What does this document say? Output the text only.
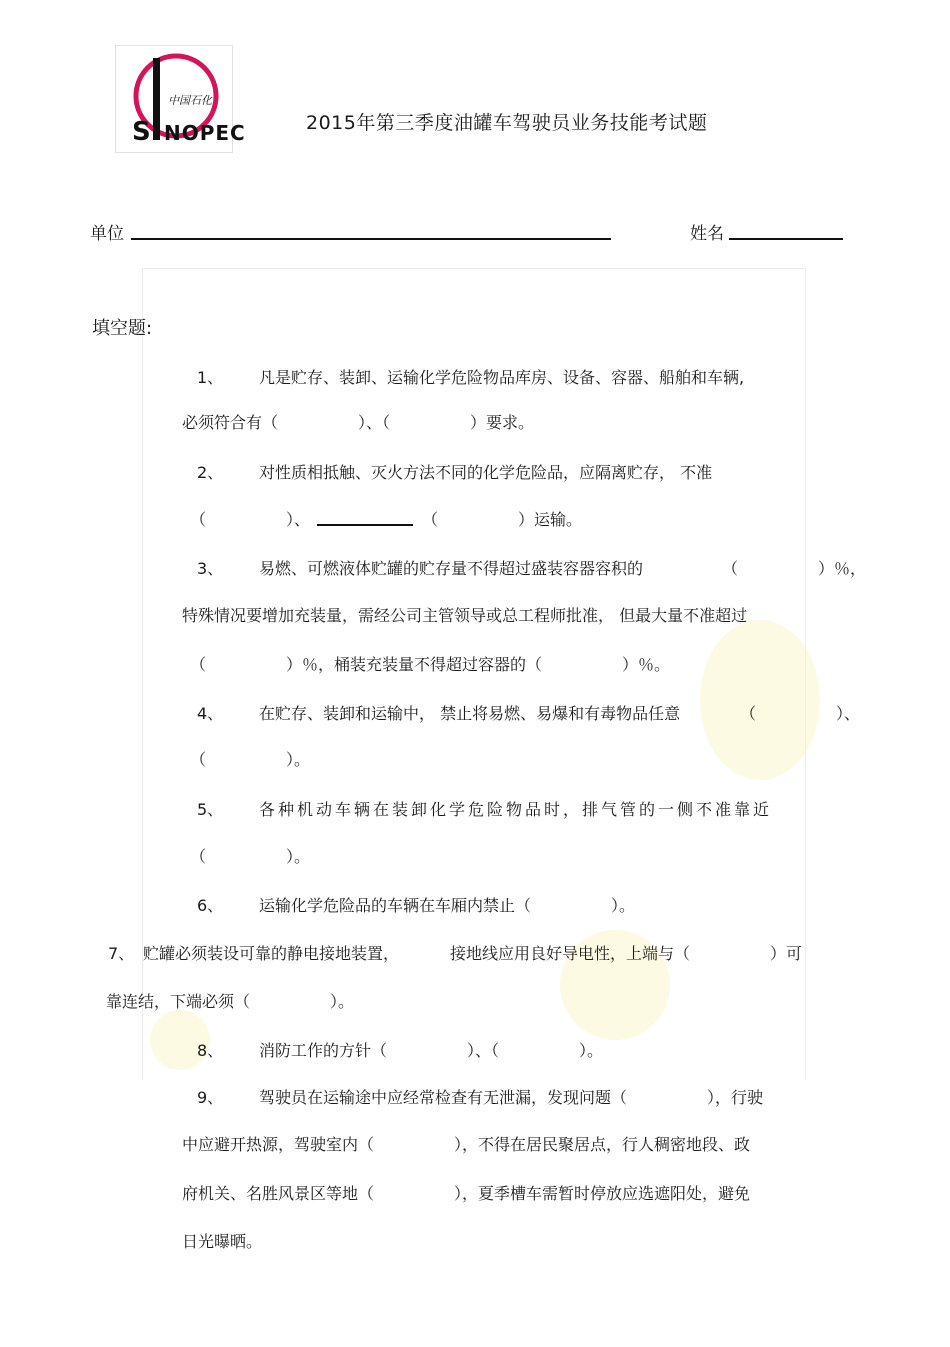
中国石化
S NOPEC	2015年第三季度油罐车驾驶员业务技能考试题
单位	姓名
填空题:
1、 凡是贮存、装卸、运输化学危险物品库房、设备、容器、船舶和车辆,
必须符合有（　　　　　）、（　　　　　）要求。
2、 对性质相抵触、灭火方法不同的化学危险品，应隔离贮存， 不准
（　　　　　）、	（　　　　　）运输。
3、 易燃、可燃液体贮罐的贮存量不得超过盛装容器容积的	（　　　　　）％，
特殊情况要增加充装量，需经公司主管领导或总工程师批准， 但最大量不准超过
（　　　　　）％，桶装充装量不得超过容器的（　　　　　）％。
4、 在贮存、装卸和运输中， 禁止将易燃、易爆和有毒物品任意	（　　　　　）、
（　　　　　）。
5、 各种机动车辆在装卸化学危险物品时，排气管的一侧不准靠近
（　　　　　）。
6、 运输化学危险品的车辆在车厢内禁止（　　　　　）。
7、 贮罐必须装设可靠的静电接地装置，	接地线应用良好导电性，上端与（　　　　　）可
靠连结，下端必须（　　　　　）。
8、 消防工作的方针（　　　　　）、（　　　　　）。
9、 驾驶员在运输途中应经常检查有无泄漏，发现问题（　　　　　），行驶
中应避开热源，驾驶室内（　　　　　），不得在居民聚居点，行人稠密地段、政
府机关、名胜风景区等地（　　　　　），夏季槽车需暂时停放应选遮阳处，避免
日光曝晒。
